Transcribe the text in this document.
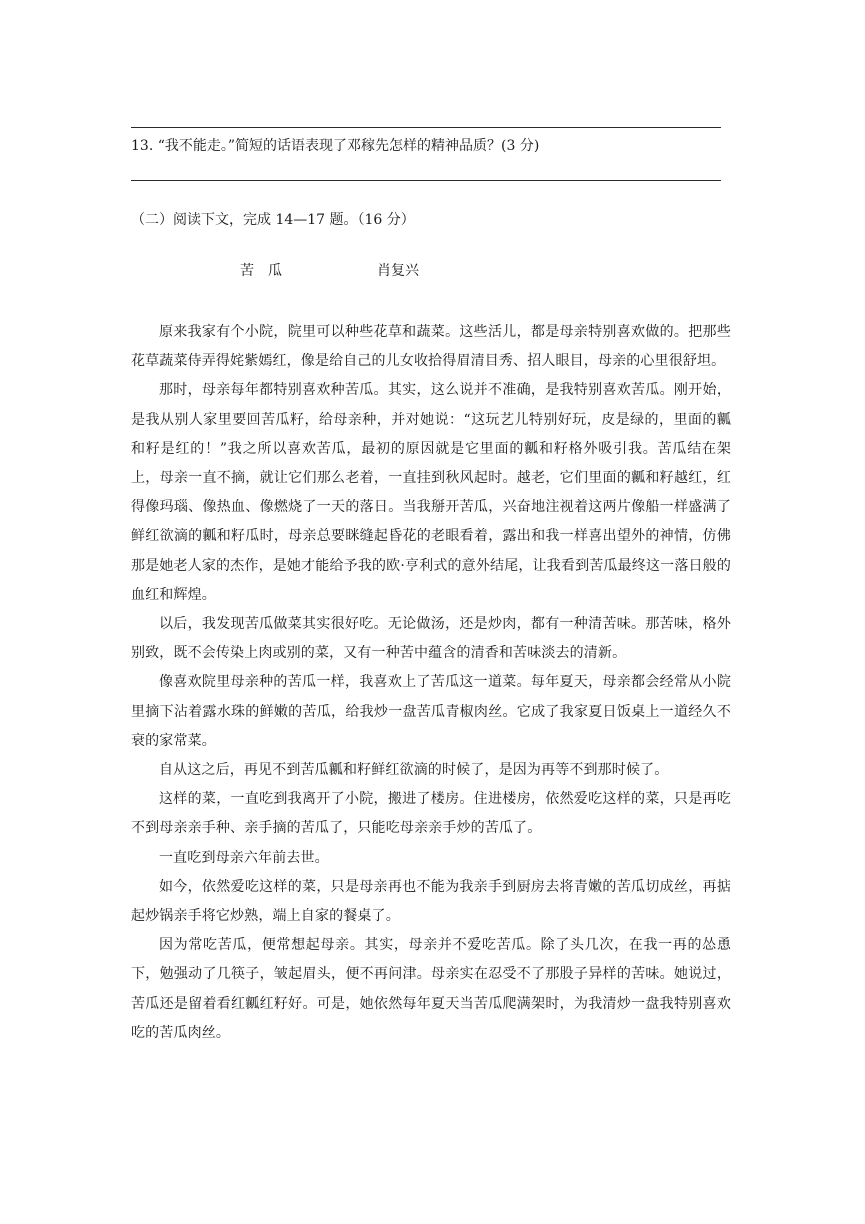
13. “我不能走。”简短的话语表现了邓稼先怎样的精神品质？(3 分)
（二）阅读下文，完成 14—17 题。（16 分）
苦　瓜	肖复兴

原来我家有个小院，院里可以种些花草和蔬菜。这些活儿，都是母亲特别喜欢做的。把那些花草蔬菜侍弄得姹紫嫣红，像是给自己的儿女收拾得眉清目秀、招人眼目，母亲的心里很舒坦。

那时，母亲每年都特别喜欢种苦瓜。其实，这么说并不准确，是我特别喜欢苦瓜。刚开始，是我从别人家里要回苦瓜籽，给母亲种，并对她说：“这玩艺儿特别好玩，皮是绿的，里面的瓤和籽是红的！”我之所以喜欢苦瓜，最初的原因就是它里面的瓤和籽格外吸引我。苦瓜结在架上，母亲一直不摘，就让它们那么老着，一直挂到秋风起时。越老，它们里面的瓤和籽越红，红得像玛瑙、像热血、像燃烧了一天的落日。当我掰开苦瓜，兴奋地注视着这两片像船一样盛满了鲜红欲滴的瓤和籽瓜时，母亲总要眯缝起昏花的老眼看着，露出和我一样喜出望外的神情，仿佛那是她老人家的杰作，是她才能给予我的欧·亨利式的意外结尾，让我看到苦瓜最终这一落日般的血红和辉煌。

以后，我发现苦瓜做菜其实很好吃。无论做汤，还是炒肉，都有一种清苦味。那苦味，格外别致，既不会传染上肉或别的菜，又有一种苦中蕴含的清香和苦味淡去的清新。

像喜欢院里母亲种的苦瓜一样，我喜欢上了苦瓜这一道菜。每年夏天，母亲都会经常从小院里摘下沾着露水珠的鲜嫩的苦瓜，给我炒一盘苦瓜青椒肉丝。它成了我家夏日饭桌上一道经久不衰的家常菜。

自从这之后，再见不到苦瓜瓤和籽鲜红欲滴的时候了，是因为再等不到那时候了。

这样的菜，一直吃到我离开了小院，搬进了楼房。住进楼房，依然爱吃这样的菜，只是再吃不到母亲亲手种、亲手摘的苦瓜了，只能吃母亲亲手炒的苦瓜了。

一直吃到母亲六年前去世。

如今，依然爱吃这样的菜，只是母亲再也不能为我亲手到厨房去将青嫩的苦瓜切成丝，再掂起炒锅亲手将它炒熟，端上自家的餐桌了。

因为常吃苦瓜，便常想起母亲。其实，母亲并不爱吃苦瓜。除了头几次，在我一再的怂恿下，勉强动了几筷子，皱起眉头，便不再问津。母亲实在忍受不了那股子异样的苦味。她说过，苦瓜还是留着看红瓤红籽好。可是，她依然每年夏天当苦瓜爬满架时，为我清炒一盘我特别喜欢吃的苦瓜肉丝。
